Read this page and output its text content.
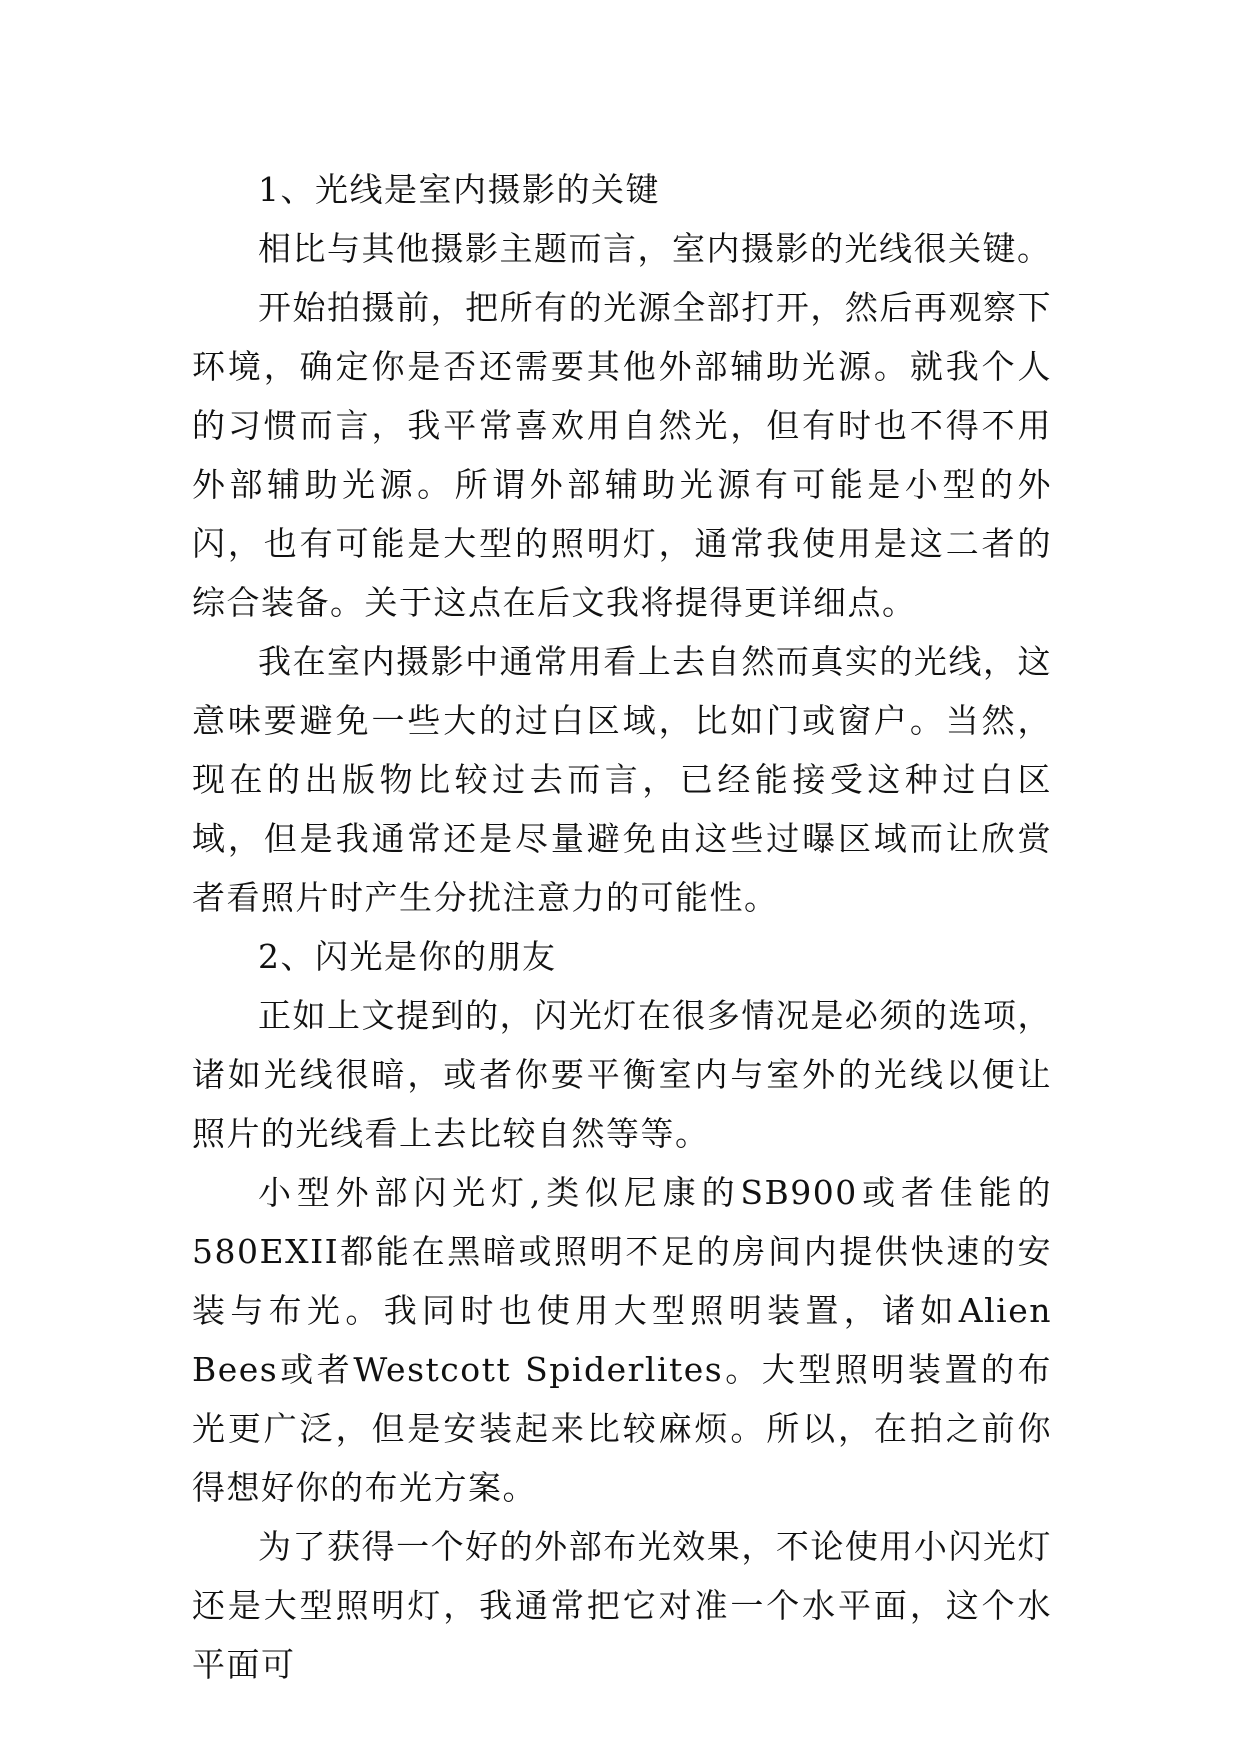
1、光线是室内摄影的关键

相比与其他摄影主题而言，室内摄影的光线很关键。

开始拍摄前，把所有的光源全部打开，然后再观察下环境，确定你是否还需要其他外部辅助光源。就我个人的习惯而言，我平常喜欢用自然光，但有时也不得不用外部辅助光源。所谓外部辅助光源有可能是小型的外闪，也有可能是大型的照明灯，通常我使用是这二者的综合装备。关于这点在后文我将提得更详细点。

我在室内摄影中通常用看上去自然而真实的光线，这意味要避免一些大的过白区域，比如门或窗户。当然，现在的出版物比较过去而言，已经能接受这种过白区域，但是我通常还是尽量避免由这些过曝区域而让欣赏者看照片时产生分扰注意力的可能性。

2、闪光是你的朋友

正如上文提到的，闪光灯在很多情况是必须的选项，诸如光线很暗，或者你要平衡室内与室外的光线以便让照片的光线看上去比较自然等等。

小型外部闪光灯,类似尼康的SB900或者佳能的580EXII都能在黑暗或照明不足的房间内提供快速的安装与布光。我同时也使用大型照明装置，诸如Alien Bees或者Westcott Spiderlites。大型照明装置的布光更广泛，但是安装起来比较麻烦。所以，在拍之前你得想好你的布光方案。

为了获得一个好的外部布光效果，不论使用小闪光灯还是大型照明灯，我通常把它对准一个水平面，这个水平面可
